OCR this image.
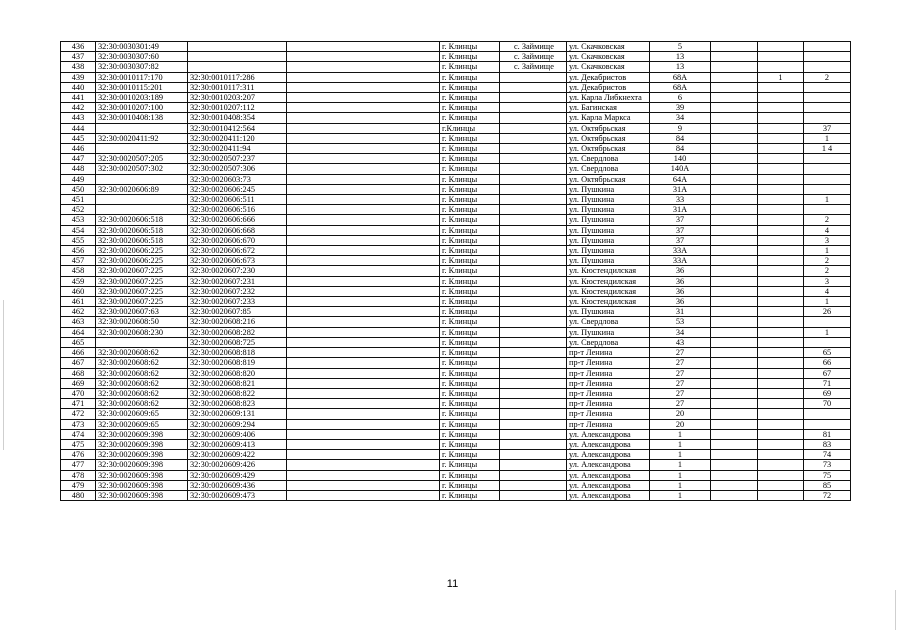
436	32:30:0030301:49			г. Клинцы	с. Займище	ул. Скачковская	5			
437	32:30:0030307:60			г. Клинцы	с. Займище	ул. Скачковская	13			
438	32:30:0030307:82			г. Клинцы	с. Займище	ул. Скачковская	13			
439	32:30:0010117:170	32:30:0010117:286		г. Клинцы		ул. Декабристов	68А		1	2
440	32:30:0010115:201	32:30:0010117:311		г. Клинцы		ул. Декабристов	68А			
441	32:30:0010203:189	32:30:0010203:207		г. Клинцы		ул. Карла Либкнехта	6			
442	32:30:0010207:100	32:30:0010207:112		г. Клинцы		ул. Багинская	39			
443	32:30:0010408:138	32:30:0010408:354		г. Клинцы		ул. Карла Маркса	34			
444		32:30:0010412:564		г.Клинцы		ул. Октябрьская	9			37
445	32:30:0020411:92	32:30:0020411:120		г. Клинцы		ул. Октябрьская	84			1
446		32:30:0020411:94		г. Клинцы		ул. Октябрьская	84			1 4
447	32:30:0020507:205	32:30:0020507:237		г. Клинцы		ул. Свердлова	140			
448	32:30:0020507:302	32:30:0020507:306		г. Клинцы		ул. Свердлова	140А			
449		32:30:0020603:73		г. Клинцы		ул. Октябрьская	64А			
450	32:30:0020606:89	32:30:0020606:245		г. Клинцы		ул. Пушкина	31А			
451		32:30:0020606:511		г. Клинцы		ул. Пушкина	33			1
452		32:30:0020606:516		г. Клинцы		ул. Пушкина	31А			
453	32:30:0020606:518	32:30:0020606:666		г. Клинцы		ул. Пушкина	37			2
454	32:30:0020606:518	32:30:0020606:668		г. Клинцы		ул. Пушкина	37			4
455	32:30:0020606:518	32:30:0020606:670		г. Клинцы		ул. Пушкина	37			3
456	32:30:0020606:225	32:30:0020606:672		г. Клинцы		ул. Пушкина	33А			1
457	32:30:0020606:225	32:30:0020606:673		г. Клинцы		ул. Пушкина	33А			2
458	32:30:0020607:225	32:30:0020607:230		г. Клинцы		ул. Кюстендилская	36			2
459	32:30:0020607:225	32:30:0020607:231		г. Клинцы		ул. Кюстендилская	36			3
460	32:30:0020607:225	32:30:0020607:232		г. Клинцы		ул. Кюстендилская	36			4
461	32:30:0020607:225	32:30:0020607:233		г. Клинцы		ул. Кюстендилская	36			1
462	32:30:0020607:63	32:30:0020607:85		г. Клинцы		ул. Пушкина	31			26
463	32:30:0020608:50	32:30:0020608:216		г. Клинцы		ул. Свердлова	53			
464	32:30:0020608:230	32:30:0020608:282		г. Клинцы		ул. Пушкина	34			1
465		32:30:0020608:725		г. Клинцы		ул. Свердлова	43			
466	32:30:0020608:62	32:30:0020608:818		г. Клинцы		пр-т Ленина	27			65
467	32:30:0020608:62	32:30:0020608:819		г. Клинцы		пр-т Ленина	27			66
468	32:30:0020608:62	32:30:0020608:820		г. Клинцы		пр-т Ленина	27			67
469	32:30:0020608:62	32:30:0020608:821		г. Клинцы		пр-т Ленина	27			71
470	32:30:0020608:62	32:30:0020608:822		г. Клинцы		пр-т Ленина	27			69
471	32:30:0020608:62	32:30:0020608:823		г. Клинцы		пр-т Ленина	27			70
472	32:30:0020609:65	32:30:0020609:131		г. Клинцы		пр-т Ленина	20			
473	32:30:0020609:65	32:30:0020609:294		г. Клинцы		пр-т Ленина	20			
474	32:30:0020609:398	32:30:0020609:406		г. Клинцы		ул. Александрова	1			81
475	32:30:0020609:398	32:30:0020609:413		г. Клинцы		ул. Александрова	1			83
476	32:30:0020609:398	32:30:0020609:422		г. Клинцы		ул. Александрова	1			74
477	32:30:0020609:398	32:30:0020609:426		г. Клинцы		ул. Александрова	1			73
478	32:30:0020609:398	32:30:0020609:429		г. Клинцы		ул. Александрова	1			75
479	32:30:0020609:398	32:30:0020609:436		г. Клинцы		ул. Александрова	1			85
480	32:30:0020609:398	32:30:0020609:473		г. Клинцы		ул. Александрова	1			72
11
